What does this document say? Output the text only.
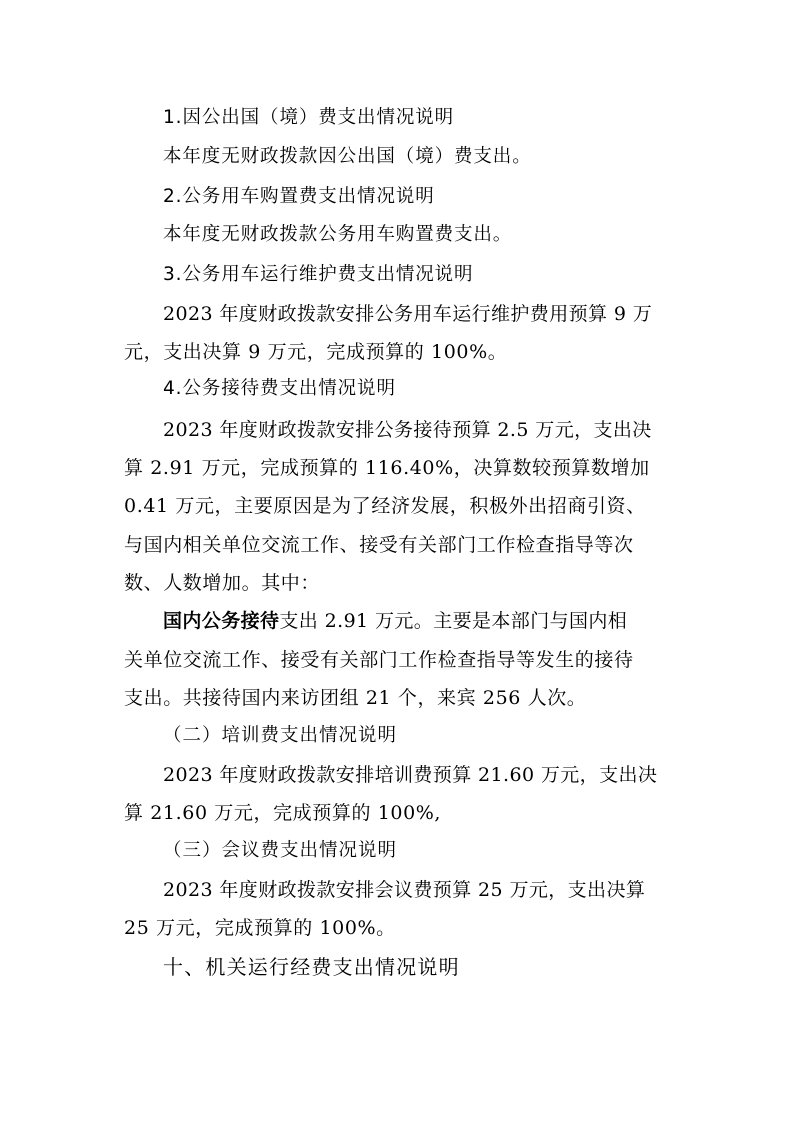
1.因公出国（境）费支出情况说明
本年度无财政拨款因公出国（境）费支出。
2.公务用车购置费支出情况说明
本年度无财政拨款公务用车购置费支出。
3.公务用车运行维护费支出情况说明
2023 年度财政拨款安排公务用车运行维护费用预算 9 万
元，支出决算 9 万元，完成预算的 100%。
4.公务接待费支出情况说明
2023 年度财政拨款安排公务接待预算 2.5 万元，支出决
算 2.91 万元，完成预算的 116.40%，决算数较预算数增加
0.41 万元，主要原因是为了经济发展，积极外出招商引资、
与国内相关单位交流工作、接受有关部门工作检查指导等次
数、人数增加。其中：
国内公务接待支出 2.91 万元。主要是本部门与国内相
关单位交流工作、接受有关部门工作检查指导等发生的接待
支出。共接待国内来访团组 21 个，来宾 256 人次。
（二）培训费支出情况说明
2023 年度财政拨款安排培训费预算 21.60 万元，支出决
算 21.60 万元，完成预算的 100%,
（三）会议费支出情况说明
2023 年度财政拨款安排会议费预算 25 万元，支出决算
25 万元，完成预算的 100%。
十、机关运行经费支出情况说明
